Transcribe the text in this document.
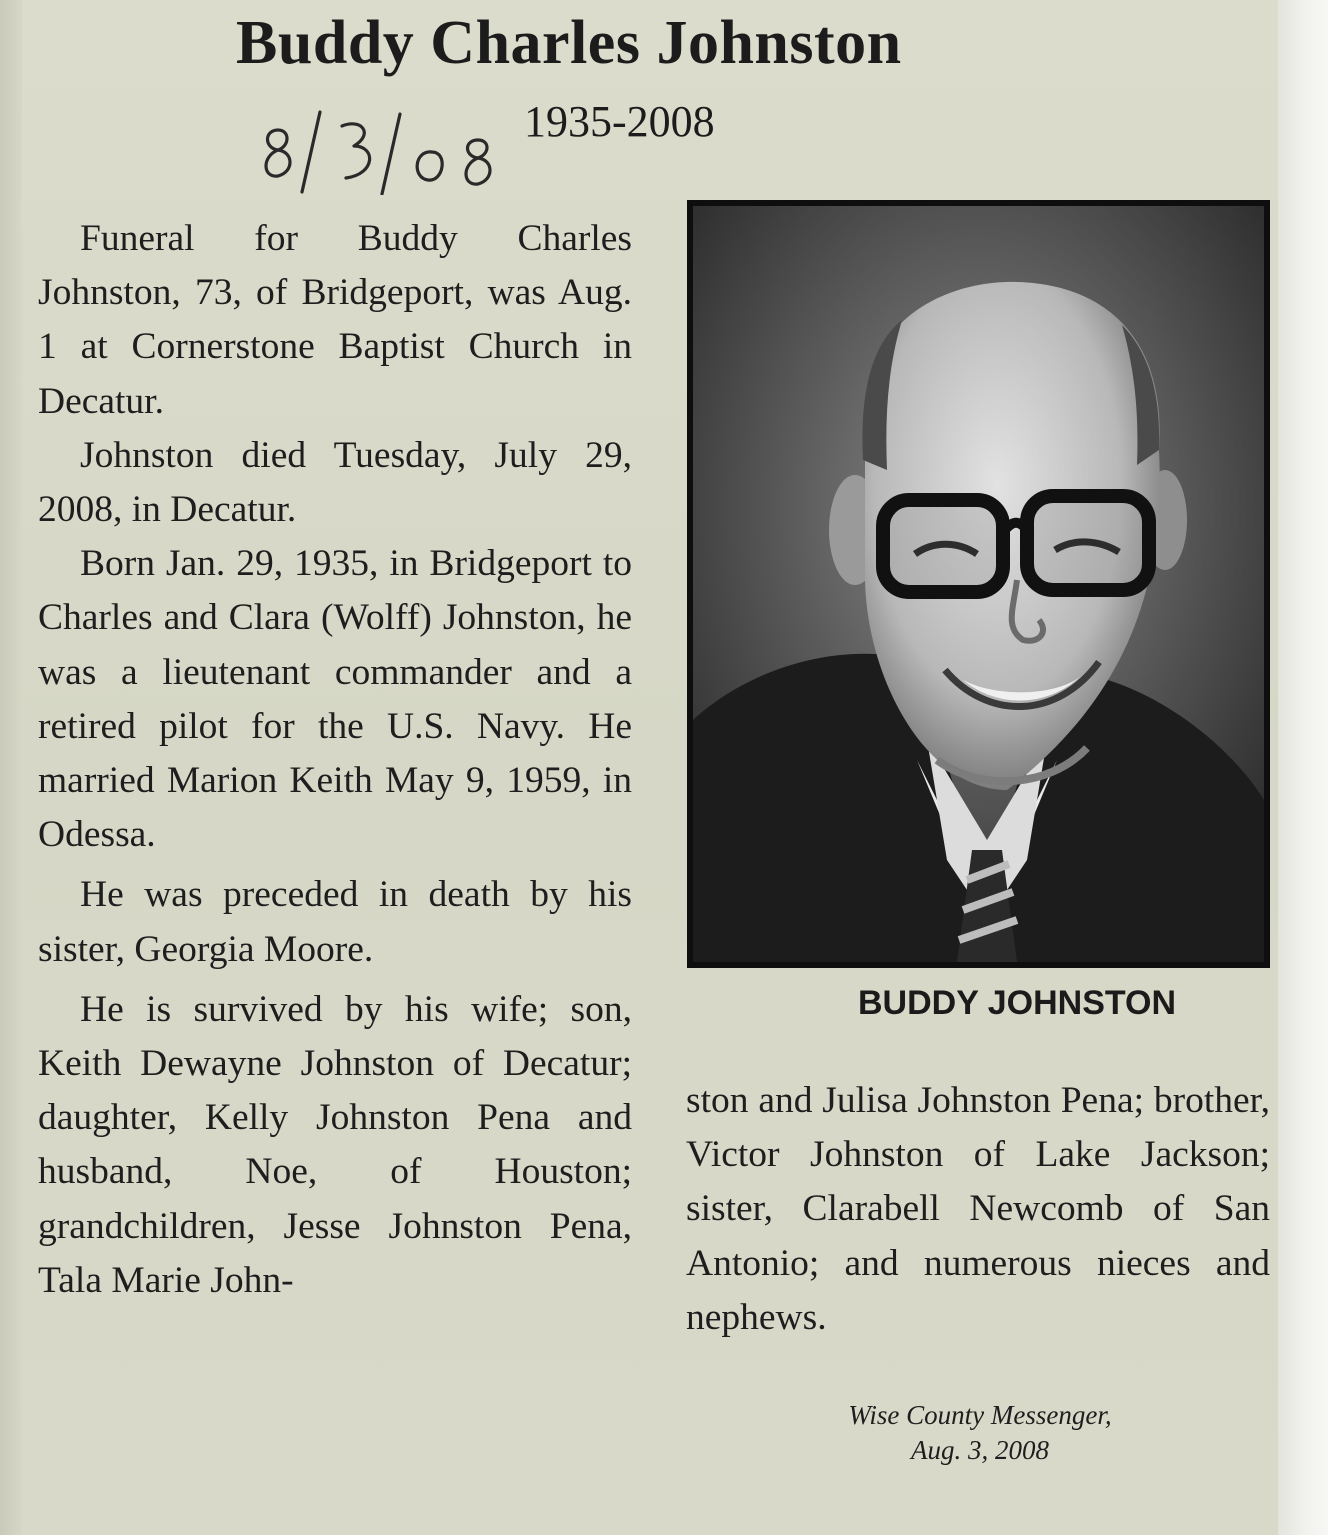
Buddy Charles Johnston
1935-2008

Funeral for Buddy Charles Johnston, 73, of Bridgeport, was Aug. 1 at Cornerstone Baptist Church in Decatur.

Johnston died Tuesday, July 29, 2008, in Decatur.

Born Jan. 29, 1935, in Bridgeport to Charles and Clara (Wolff) Johnston, he was a lieutenant commander and a retired pilot for the U.S. Navy. He married Marion Keith May 9, 1959, in Odessa.

He was preceded in death by his sister, Georgia Moore.

He is survived by his wife; son, Keith Dewayne Johnston of Decatur; daughter, Kelly Johnston Pena and husband, Noe, of Houston; grandchildren, Jesse Johnston Pena, Tala Marie John-

BUDDY JOHNSTON

ston and Julisa Johnston Pena; brother, Victor Johnston of Lake Jackson; sister, Clarabell Newcomb of San Antonio; and numerous nieces and nephews.

Wise County Messenger,
Aug. 3, 2008
